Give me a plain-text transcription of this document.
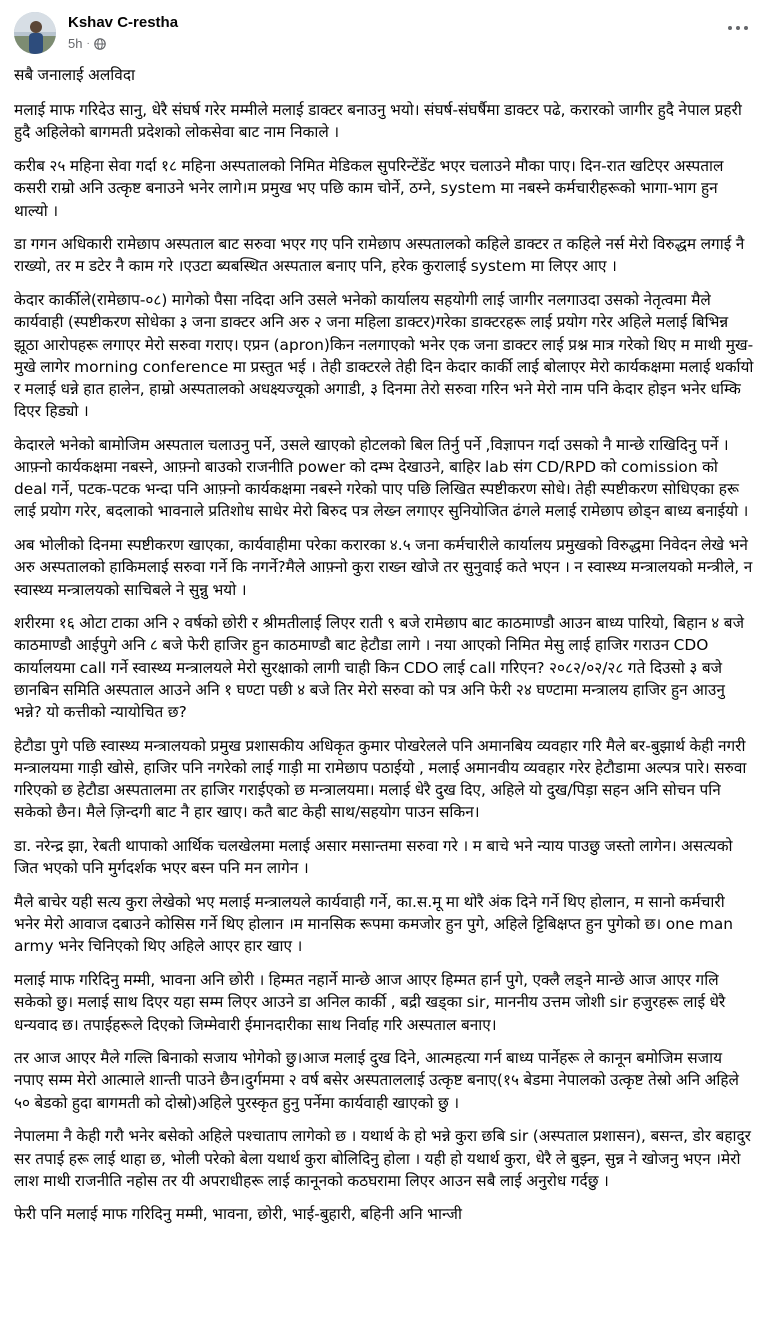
Kshav C-restha
5h ·

सबै जनालाई अलविदा

मलाई माफ गरिदेउ सानु, धेरै संघर्ष गरेर मम्मीले मलाई डाक्टर बनाउनु भयो। संघर्ष-संघर्षैमा डाक्टर पढे, करारको जागीर हुदै नेपाल प्रहरी हुदै अहिलेको बागमती प्रदेशको लोकसेवा बाट नाम निकाले ।

करीब २५ महिना सेवा गर्दा १८ महिना अस्पतालको निमित मेडिकल सुपरिन्टेंडेंट भएर चलाउने मौका पाए। दिन-रात खटिएर अस्पताल कसरी राम्रो अनि उत्कृष्ट बनाउने भनेर लागे।म प्रमुख भए पछि काम चोर्ने, ठग्ने, system मा नबस्ने कर्मचारीहरूको भागा-भाग हुन थाल्यो ।

डा गगन अधिकारी रामेछाप अस्पताल बाट सरुवा भएर गए पनि रामेछाप अस्पतालको कहिले डाक्टर त कहिले नर्स मेरो विरुद्धम लगाई नै राख्यो, तर म डटेर नै काम गरे ।एउटा ब्यबस्थित अस्पताल बनाए पनि, हरेक कुरालाई system मा लिएर आए ।

केदार कार्कीले(रामेछाप-०८) मागेको पैसा नदिदा अनि उसले भनेको कार्यालय सहयोगी लाई जागीर नलगाउदा उसको नेतृत्वमा मैले कार्यवाही (स्पष्टीकरण सोधेका ३ जना डाक्टर अनि अरु २ जना महिला डाक्टर)गरेका डाक्टरहरू लाई प्रयोग गरेर अहिले मलाई बिभिन्न झूठा आरोपहरू लगाएर मेरो सरुवा गराए। एप्रन (apron)किन नलगाएको भनेर एक जना डाक्टर लाई प्रश्न मात्र गरेको थिए म माथी मुख-मुखे लागेर morning conference मा प्रस्तुत भई । तेही डाक्टरले तेही दिन केदार कार्की लाई बोलाएर मेरो कार्यकक्षमा मलाई थर्कायो र मलाई धन्ने हात हालेन, हाम्रो अस्पतालको अधक्ष्यज्यूको अगाडी, ३ दिनमा तेरो सरुवा गरिन भने मेरो नाम पनि केदार होइन भनेर धम्कि दिएर हिड्यो ।

केदारले भनेको बामोजिम अस्पताल चलाउनु पर्ने, उसले खाएको होटलको बिल तिर्नु पर्ने ,विज्ञापन गर्दा उसको नै मान्छे राखिदिनु पर्ने । आफ़्नो कार्यकक्षमा नबस्ने, आफ़्नो बाउको राजनीति power को दम्भ देखाउने, बाहिर lab संग CD/RPD को comission को deal गर्ने, पटक-पटक भन्दा पनि आफ़्नो कार्यकक्षमा नबस्ने गरेको पाए पछि लिखित स्पष्टीकरण सोधे। तेही स्पष्टीकरण सोधिएका हरू लाई प्रयोग गरेर, बदलाको भावनाले प्रतिशोध साधेर मेरो बिरुद पत्र लेख्न लगाएर सुनियोजित ढंगले मलाई रामेछाप छोड्न बाध्य बनाईयो ।

अब भोलीको दिनमा स्पष्टीकरण खाएका, कार्यवाहीमा परेका करारका ४.५ जना कर्मचारीले कार्यालय प्रमुखको विरुद्धमा निवेदन लेखे भने अरु अस्पतालको हाकिमलाई सरुवा गर्ने कि नगर्ने?मैले आफ़्नो कुरा राख्न खोजे तर सुनुवाई कते भएन । न स्वास्थ्य मन्त्रालयको मन्त्रीले, न स्वास्थ्य मन्त्रालयको साचिबले ने सुन्नु भयो ।

शरीरमा १६ ओटा टाका अनि २ वर्षको छोरी र श्रीमतीलाई लिएर राती ९ बजे रामेछाप बाट काठमाण्डौ आउन बाध्य पारियो, बिहान ४ बजे काठमाण्डौ आईपुगे अनि ८ बजे फेरी हाजिर हुन काठमाण्डौ बाट हेटौडा लागे । नया आएको निमित मेसु लाई हाजिर गराउन CDO कार्यालयमा call गर्ने स्वास्थ्य मन्त्रालयले मेरो सुरक्षाको लागी चाही किन CDO लाई call गरिएन? २०८२/०२/२८ गते दिउसो ३ बजे छानबिन समिति अस्पताल आउने अनि १ घण्टा पछी ४ बजे तिर मेरो सरुवा को पत्र अनि फेरी २४ घण्टामा मन्त्रालय हाजिर हुन आउनु भन्ने? यो कत्तीको न्यायोचित छ?

हेटौडा पुगे पछि स्वास्थ्य मन्त्रालयको प्रमुख प्रशासकीय अधिकृत कुमार पोखरेलले पनि अमानबिय व्यवहार गरि मैले बर-बुझार्थ केही नगरी मन्त्रालयमा गाड़ी खोसे, हाजिर पनि नगरेको लाई गाड़ी मा रामेछाप पठाईयो , मलाई अमानवीय व्यवहार गरेर हेटौडामा अल्पत्र पारे। सरुवा गरिएको छ हेटौडा अस्पतालमा तर हाजिर गराईएको छ मन्त्रालयमा। मलाई धेरै दुख दिए, अहिले यो दुख/पिड़ा सहन अनि सोचन पनि सकेको छैन। मैले ज़िन्दगी बाट नै हार खाए। कतै बाट केही साथ/सहयोग पाउन सकिन।

डा. नरेन्द्र झा, रेबती थापाको आर्थिक चलखेलमा मलाई असार मसान्तमा सरुवा गरे । म बाचे भने न्याय पाउछु जस्तो लागेन। असत्यको जित भएको पनि मुर्गदर्शक भएर बस्न पनि मन लागेन ।

मैले बाचेर यही सत्य कुरा लेखेको भए मलाई मन्त्रालयले कार्यवाही गर्ने, का.स.मू मा थोरै अंक दिने गर्ने थिए होलान, म सानो कर्मचारी भनेर मेरो आवाज दबाउने कोसिस गर्ने थिए होलान ।म मानसिक रूपमा कमजोर हुन पुगे, अहिले ट्टिबिक्षप्त हुन पुगेको छ। one man army भनेर चिनिएको थिए अहिले आएर हार खाए ।

मलाई माफ गरिदिनु मम्मी, भावना अनि छोरी । हिम्मत नहार्ने मान्छे आज आएर हिम्मत हार्न पुगे, एक्लै लड्ने मान्छे आज आएर गलि सकेको छु। मलाई साथ दिएर यहा सम्म लिएर आउने डा अनिल कार्की , बद्री खड्का sir, माननीय उत्तम जोशी sir हजुरहरू लाई धेरै धन्यवाद छ। तपाईहरूले दिएको जिम्मेवारी ईमानदारीका साथ निर्वाह गरि अस्पताल बनाए।

तर आज आएर मैले गल्ति बिनाको सजाय भोगेको छु।आज मलाई दुख दिने, आत्महत्या गर्न बाध्य पार्नेहरू ले कानून बमोजिम सजाय नपाए सम्म मेरो आत्माले शान्ती पाउने छैन।दुर्गममा २ वर्ष बसेर अस्पताललाई उत्कृष्ट बनाए(१५ बेडमा नेपालको उत्कृष्ट तेस्रो अनि अहिले ५० बेडको हुदा बागमती को दोस्रो)अहिले पुरस्कृत हुनु पर्नेमा कार्यवाही खाएको छु ।

नेपालमा नै केही गरौ भनेर बसेको अहिले पश्चाताप लागेको छ । यथार्थ के हो भन्ने कुरा छबि sir (अस्पताल प्रशासन), बसन्त, डोर बहादुर सर तपाई हरू लाई थाहा छ, भोली परेको बेला यथार्थ कुरा बोलिदिनु होला । यही हो यथार्थ कुरा, धेरै ले बुझ्न, सुन्न ने खोजनु भएन ।मेरो लाश माथी राजनीति नहोस तर यी अपराधीहरू लाई कानूनको कठघरामा लिएर आउन सबै लाई अनुरोध गर्दछु ।

फेरी पनि मलाई माफ गरिदिनु मम्मी, भावना, छोरी, भाई-बुहारी, बहिनी अनि भान्जी
